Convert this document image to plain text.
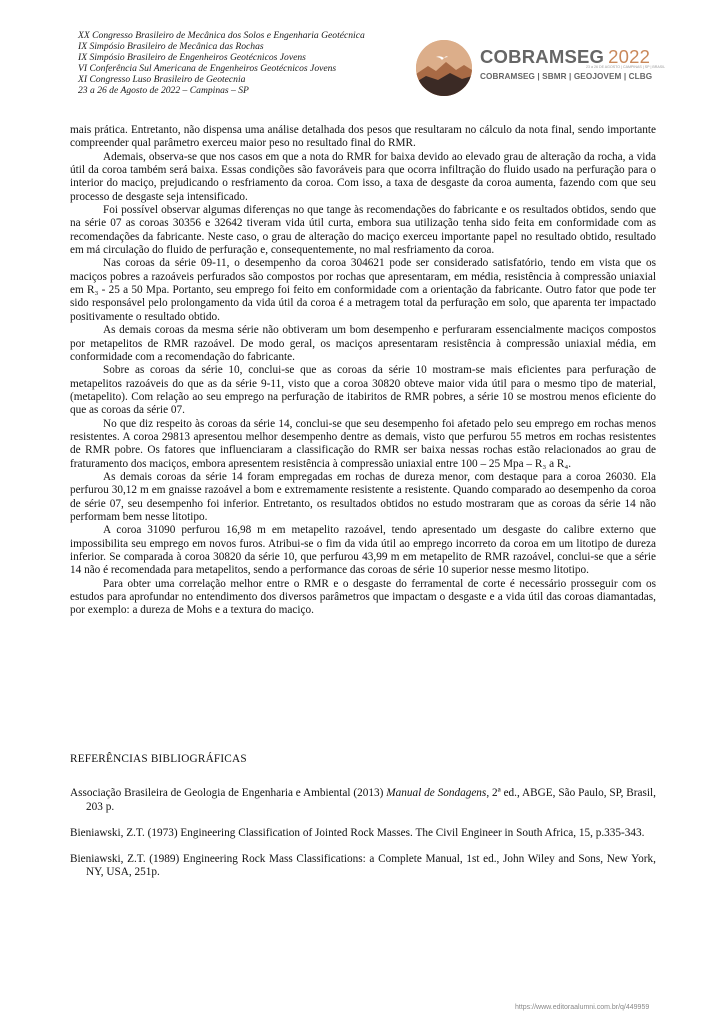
XX Congresso Brasileiro de Mecânica dos Solos e Engenharia Geotécnica
IX Simpósio Brasileiro de Mecânica das Rochas
IX Simpósio Brasileiro de Engenheiros Geotécnicos Jovens
VI Conferência Sul Americana de Engenheiros Geotécnicos Jovens
XI Congresso Luso Brasileiro de Geotecnia
23 a 26 de Agosto de 2022 – Campinas – SP
COBRAMSEG 2022
23 a 26 DE AGOSTO | CAMPINAS | SP | BRASIL
COBRAMSEG | SBMR | GEOJOVEM | CLBG

mais prática. Entretanto, não dispensa uma análise detalhada dos pesos que resultaram no cálculo da nota final, sendo importante compreender qual parâmetro exerceu maior peso no resultado final do RMR.

Ademais, observa-se que nos casos em que a nota do RMR for baixa devido ao elevado grau de alteração da rocha, a vida útil da coroa também será baixa. Essas condições são favoráveis para que ocorra infiltração do fluido usado na perfuração para o interior do maciço, prejudicando o resfriamento da coroa. Com isso, a taxa de desgaste da coroa aumenta, fazendo com que seu processo de desgaste seja intensificado.

Foi possível observar algumas diferenças no que tange às recomendações do fabricante e os resultados obtidos, sendo que na série 07 as coroas 30356 e 32642 tiveram vida útil curta, embora sua utilização tenha sido feita em conformidade com as recomendações da fabricante. Neste caso, o grau de alteração do maciço exerceu importante papel no resultado obtido, resultado em má circulação do fluido de perfuração e, consequentemente, no mal resfriamento da coroa.

Nas coroas da série 09-11, o desempenho da coroa 304621 pode ser considerado satisfatório, tendo em vista que os maciços pobres a razoáveis perfurados são compostos por rochas que apresentaram, em média, resistência à compressão uniaxial em R₃ - 25 a 50 Mpa. Portanto, seu emprego foi feito em conformidade com a orientação da fabricante. Outro fator que pode ter sido responsável pelo prolongamento da vida útil da coroa é a metragem total da perfuração em solo, que aparenta ter impactado positivamente o resultado obtido.

As demais coroas da mesma série não obtiveram um bom desempenho e perfuraram essencialmente maciços compostos por metapelitos de RMR razoável. De modo geral, os maciços apresentaram resistência à compressão uniaxial média, em conformidade com a recomendação do fabricante.

Sobre as coroas da série 10, conclui-se que as coroas da série 10 mostram-se mais eficientes para perfuração de metapelitos razoáveis do que as da série 9-11, visto que a coroa 30820 obteve maior vida útil para o mesmo tipo de material, (metapelito). Com relação ao seu emprego na perfuração de itabiritos de RMR pobres, a série 10 se mostrou menos eficiente do que as coroas da série 07.

No que diz respeito às coroas da série 14, conclui-se que seu desempenho foi afetado pelo seu emprego em rochas menos resistentes. A coroa 29813 apresentou melhor desempenho dentre as demais, visto que perfurou 55 metros em rochas resistentes de RMR pobre. Os fatores que influenciaram a classificação do RMR ser baixa nessas rochas estão relacionados ao grau de fraturamento dos maciços, embora apresentem resistência à compressão uniaxial entre 100 – 25 Mpa – R₃ a R₄.

As demais coroas da série 14 foram empregadas em rochas de dureza menor, com destaque para a coroa 26030. Ela perfurou 30,12 m em gnaisse razoável a bom e extremamente resistente a resistente. Quando comparado ao desempenho da coroa de série 07, seu desempenho foi inferior. Entretanto, os resultados obtidos no estudo mostraram que as coroas da série 14 não performam bem nesse litotipo.

A coroa 31090 perfurou 16,98 m em metapelito razoável, tendo apresentado um desgaste do calibre externo que impossibilita seu emprego em novos furos. Atribui-se o fim da vida útil ao emprego incorreto da coroa em um litotipo de dureza inferior. Se comparada à coroa 30820 da série 10, que perfurou 43,99 m em metapelito de RMR razoável, conclui-se que a série 14 não é recomendada para metapelitos, sendo a performance das coroas de série 10 superior nesse mesmo litotipo.

Para obter uma correlação melhor entre o RMR e o desgaste do ferramental de corte é necessário prosseguir com os estudos para aprofundar no entendimento dos diversos parâmetros que impactam o desgaste e a vida útil das coroas diamantadas, por exemplo: a dureza de Mohs e a textura do maciço.

REFERÊNCIAS BIBLIOGRÁFICAS
Associação Brasileira de Geologia de Engenharia e Ambiental (2013) Manual de Sondagens, 2ª ed., ABGE, São Paulo, SP, Brasil, 203 p.
Bieniawski, Z.T. (1973) Engineering Classification of Jointed Rock Masses. The Civil Engineer in South Africa, 15, p.335-343.
Bieniawski, Z.T. (1989) Engineering Rock Mass Classifications: a Complete Manual, 1st ed., John Wiley and Sons, New York, NY, USA, 251p.
https://www.editoraalumni.com.br/q/449959
